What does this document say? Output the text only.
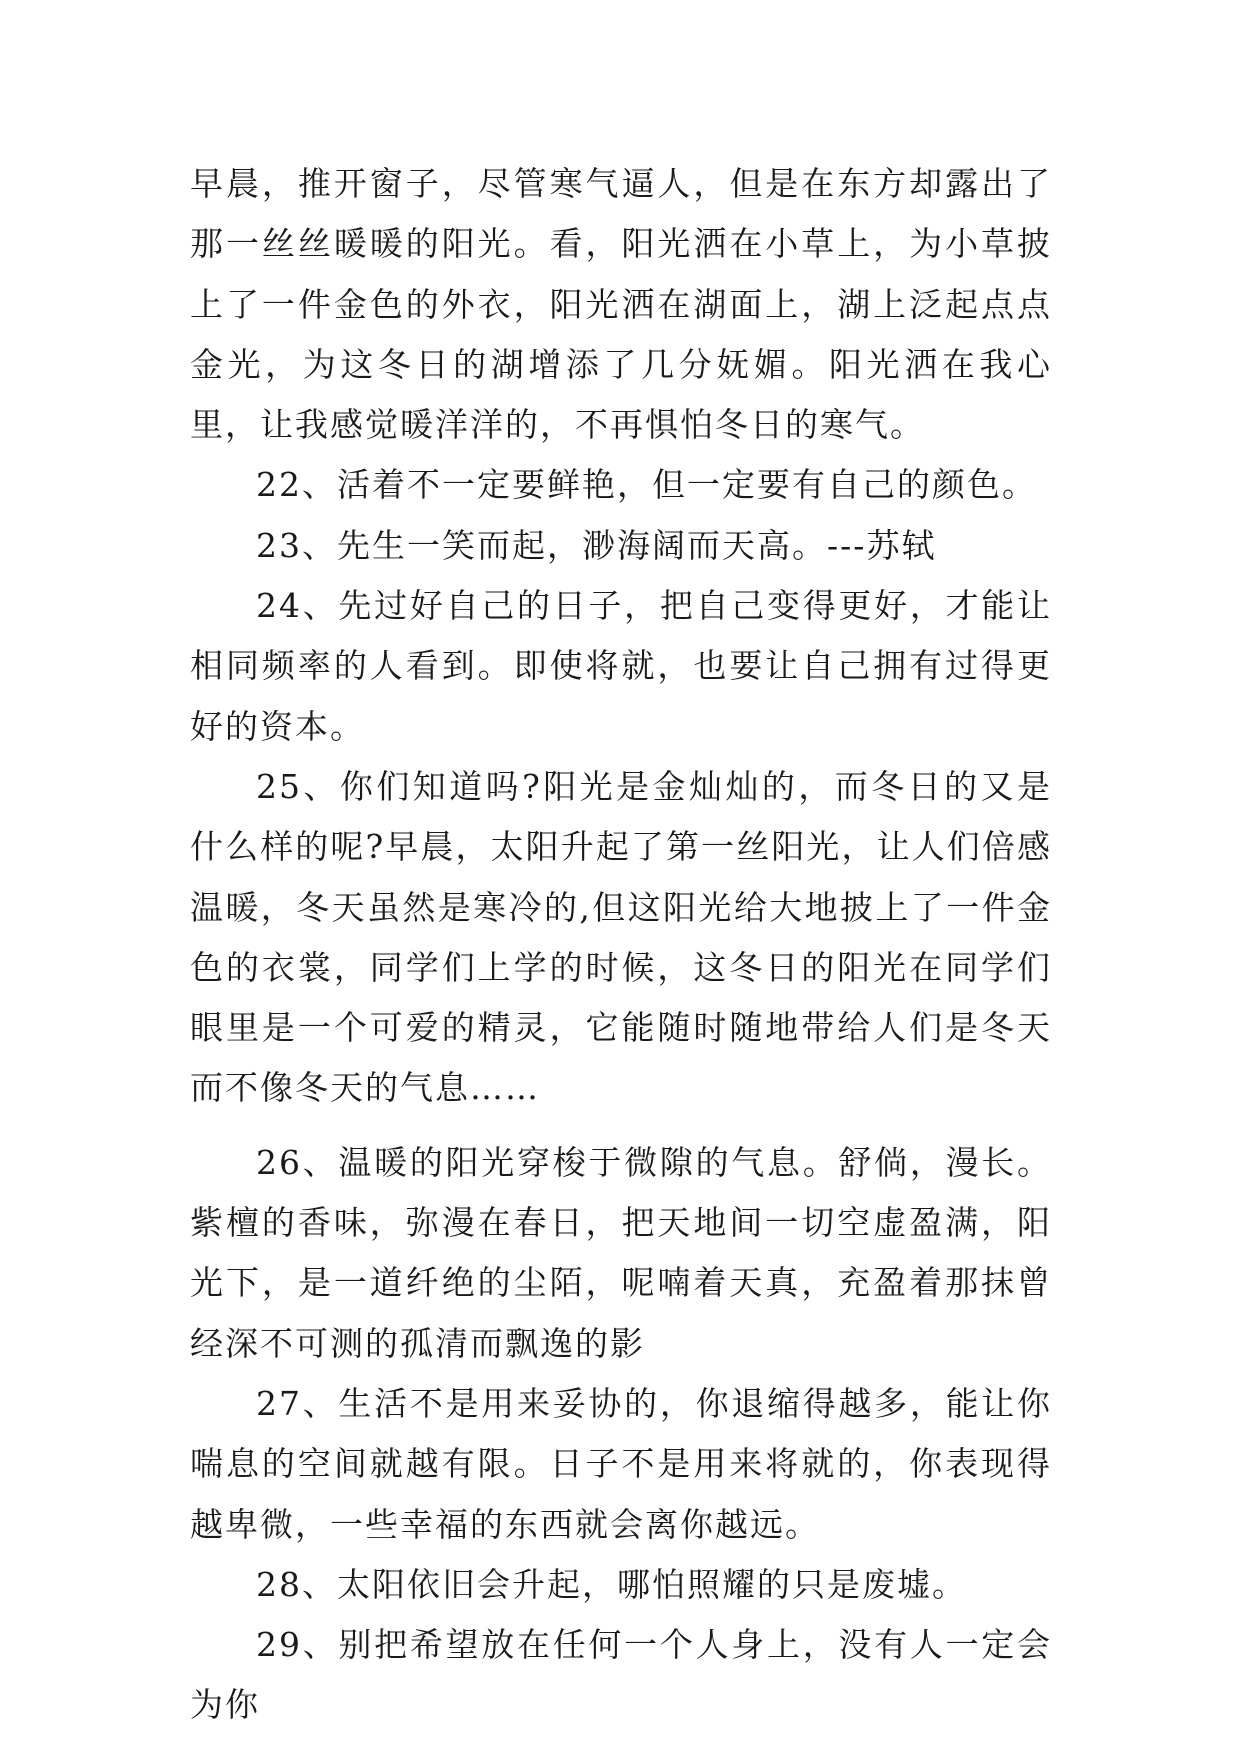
早晨，推开窗子，尽管寒气逼人，但是在东方却露出了那一丝丝暖暖的阳光。看，阳光洒在小草上，为小草披上了一件金色的外衣，阳光洒在湖面上，湖上泛起点点金光，为这冬日的湖增添了几分妩媚。阳光洒在我心里，让我感觉暖洋洋的，不再惧怕冬日的寒气。

22、活着不一定要鲜艳，但一定要有自己的颜色。

23、先生一笑而起，渺海阔而天高。---苏轼

24、先过好自己的日子，把自己变得更好，才能让相同频率的人看到。即使将就，也要让自己拥有过得更好的资本。

25、你们知道吗?阳光是金灿灿的，而冬日的又是什么样的呢?早晨，太阳升起了第一丝阳光，让人们倍感温暖，冬天虽然是寒冷的,但这阳光给大地披上了一件金色的衣裳，同学们上学的时候，这冬日的阳光在同学们眼里是一个可爱的精灵，它能随时随地带给人们是冬天而不像冬天的气息……

26、温暖的阳光穿梭于微隙的气息。舒倘，漫长。紫檀的香味，弥漫在春日，把天地间一切空虚盈满，阳光下，是一道纤绝的尘陌，呢喃着天真，充盈着那抹曾经深不可测的孤清而飘逸的影

27、生活不是用来妥协的，你退缩得越多，能让你喘息的空间就越有限。日子不是用来将就的，你表现得越卑微，一些幸福的东西就会离你越远。

28、太阳依旧会升起，哪怕照耀的只是废墟。

29、别把希望放在任何一个人身上，没有人一定会为你
